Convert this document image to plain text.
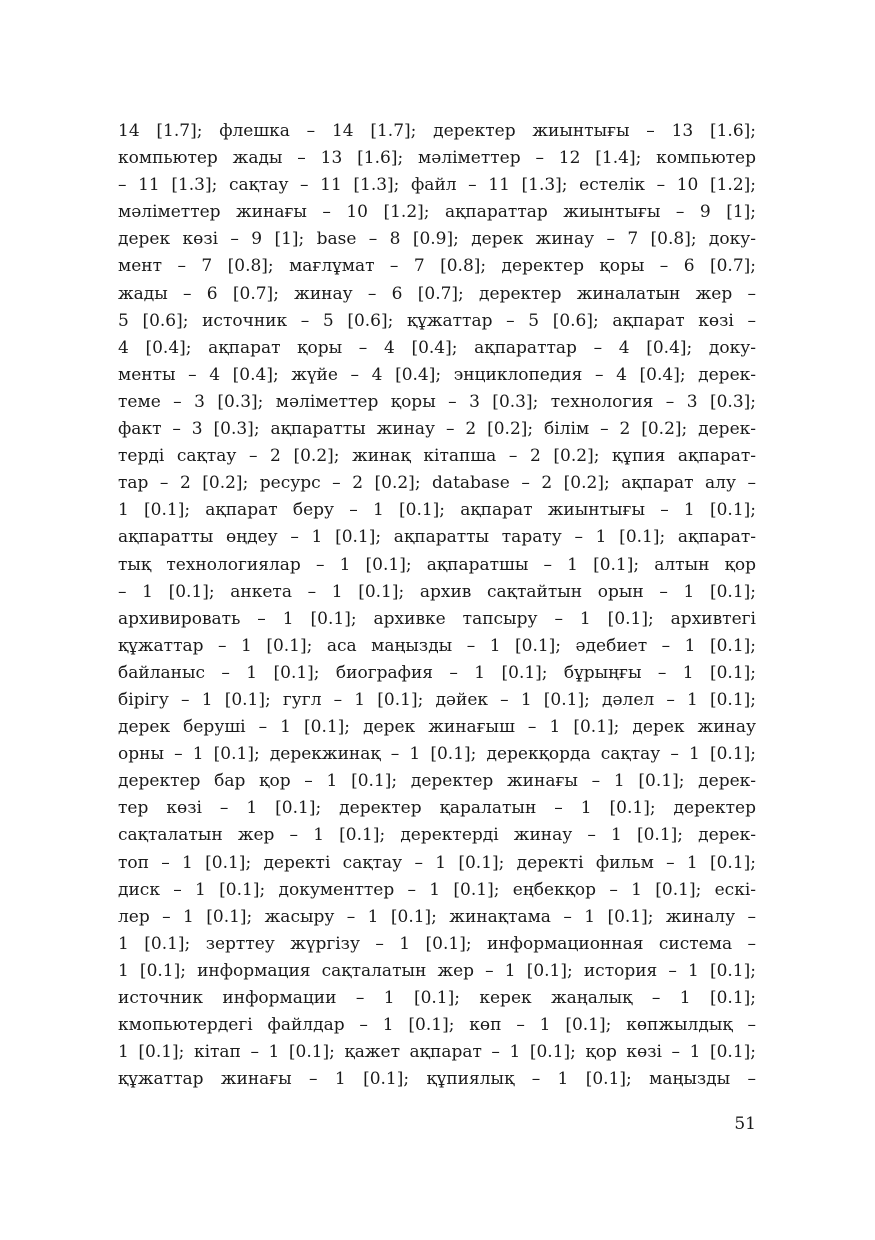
14 [1.7]; флешка – 14 [1.7]; деректер жиынтығы – 13 [1.6];
компьютер жады – 13 [1.6]; мәліметтер – 12 [1.4]; компьютер
– 11 [1.3]; сақтау – 11 [1.3]; файл – 11 [1.3]; естелік – 10 [1.2];
мәліметтер жинағы – 10 [1.2]; ақпараттар жиынтығы – 9 [1];
дерек көзі – 9 [1]; base – 8 [0.9]; дерек жинау – 7 [0.8]; доку-
мент – 7 [0.8]; мағлұмат – 7 [0.8]; деректер қоры – 6 [0.7];
жады – 6 [0.7]; жинау – 6 [0.7]; деректер жиналатын жер –
5 [0.6]; источник – 5 [0.6]; құжаттар – 5 [0.6]; ақпарат көзі –
4 [0.4]; ақпарат қоры – 4 [0.4]; ақпараттар – 4 [0.4]; доку-
менты – 4 [0.4]; жүйе – 4 [0.4]; энциклопедия – 4 [0.4]; дерек-
теме – 3 [0.3]; мәліметтер қоры – 3 [0.3]; технология – 3 [0.3];
факт – 3 [0.3]; ақпаратты жинау – 2 [0.2]; білім – 2 [0.2]; дерек-
терді сақтау – 2 [0.2]; жинақ кітапша – 2 [0.2]; құпия ақпарат-
тар – 2 [0.2]; ресурс – 2 [0.2]; database – 2 [0.2]; ақпарат алу –
1 [0.1]; ақпарат беру – 1 [0.1]; ақпарат жиынтығы – 1 [0.1];
ақпаратты өңдеу – 1 [0.1]; ақпаратты тарату – 1 [0.1]; ақпарат-
тық технологиялар – 1 [0.1]; ақпаратшы – 1 [0.1]; алтын қор
– 1 [0.1]; анкета – 1 [0.1]; архив сақтайтын орын – 1 [0.1];
архивировать – 1 [0.1]; архивке тапсыру – 1 [0.1]; архивтегі
құжаттар – 1 [0.1]; аса маңызды – 1 [0.1]; әдебиет – 1 [0.1];
байланыс – 1 [0.1]; биография – 1 [0.1]; бұрыңғы – 1 [0.1];
бірігу – 1 [0.1]; гугл – 1 [0.1]; дәйек – 1 [0.1]; дәлел – 1 [0.1];
дерек беруші – 1 [0.1]; дерек жинағыш – 1 [0.1]; дерек жинау
орны – 1 [0.1]; дерекжинақ – 1 [0.1]; дерекқорда сақтау – 1 [0.1];
деректер бар қор – 1 [0.1]; деректер жинағы – 1 [0.1]; дерек-
тер көзі – 1 [0.1]; деректер қаралатын – 1 [0.1]; деректер
сақталатын жер – 1 [0.1]; деректерді жинау – 1 [0.1]; дерек-
топ – 1 [0.1]; деректі сақтау – 1 [0.1]; деректі фильм – 1 [0.1];
диск – 1 [0.1]; документтер – 1 [0.1]; еңбекқор – 1 [0.1]; ескі-
лер – 1 [0.1]; жасыру – 1 [0.1]; жинақтама – 1 [0.1]; жиналу –
1 [0.1]; зерттеу жүргізу – 1 [0.1]; информационная система –
1 [0.1]; информация сақталатын жер – 1 [0.1]; история – 1 [0.1];
источник информации – 1 [0.1]; керек жаңалық – 1 [0.1];
кмопьютердегі файлдар – 1 [0.1]; көп – 1 [0.1]; көпжылдық –
1 [0.1]; кітап – 1 [0.1]; қажет ақпарат – 1 [0.1]; қор көзі – 1 [0.1];
құжаттар жинағы – 1 [0.1]; құпиялық – 1 [0.1]; маңызды –
51
